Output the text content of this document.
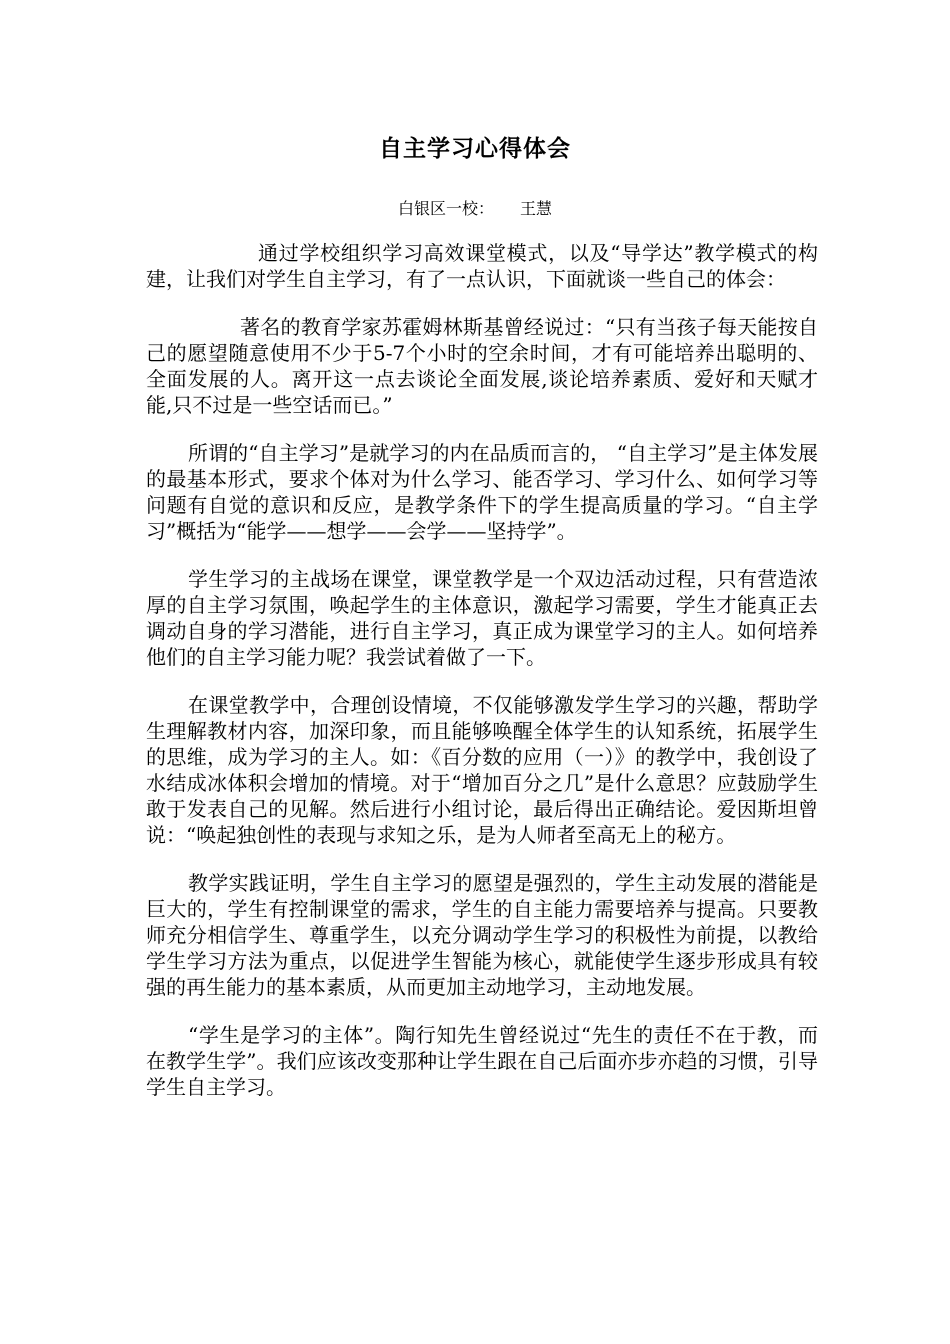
自主学习心得体会
白银区一校： 王慧

通过学校组织学习高效课堂模式，以及“导学达”教学模式的构建，让我们对学生自主学习，有了一点认识，下面就谈一些自己的体会：

著名的教育学家苏霍姆林斯基曾经说过：“只有当孩子每天能按自己的愿望随意使用不少于5-7个小时的空余时间，才有可能培养出聪明的、全面发展的人。离开这一点去谈论全面发展,谈论培养素质、爱好和天赋才能,只不过是一些空话而已。”

所谓的“自主学习”是就学习的内在品质而言的， “自主学习”是主体发展的最基本形式，要求个体对为什么学习、能否学习、学习什么、如何学习等问题有自觉的意识和反应，是教学条件下的学生提高质量的学习。“自主学习”概括为“能学——想学——会学——坚持学”。

学生学习的主战场在课堂，课堂教学是一个双边活动过程，只有营造浓厚的自主学习氛围，唤起学生的主体意识，激起学习需要，学生才能真正去调动自身的学习潜能，进行自主学习，真正成为课堂学习的主人。如何培养他们的自主学习能力呢？我尝试着做了一下。

在课堂教学中，合理创设情境，不仅能够激发学生学习的兴趣，帮助学生理解教材内容，加深印象，而且能够唤醒全体学生的认知系统，拓展学生的思维，成为学习的主人。如：《百分数的应用（一）》的教学中，我创设了水结成冰体积会增加的情境。对于“增加百分之几”是什么意思？应鼓励学生敢于发表自己的见解。然后进行小组讨论，最后得出正确结论。爱因斯坦曾说：“唤起独创性的表现与求知之乐，是为人师者至高无上的秘方。

教学实践证明，学生自主学习的愿望是强烈的，学生主动发展的潜能是巨大的，学生有控制课堂的需求，学生的自主能力需要培养与提高。只要教师充分相信学生、尊重学生，以充分调动学生学习的积极性为前提，以教给学生学习方法为重点，以促进学生智能为核心，就能使学生逐步形成具有较强的再生能力的基本素质，从而更加主动地学习，主动地发展。

“学生是学习的主体”。陶行知先生曾经说过“先生的责任不在于教，而在教学生学”。我们应该改变那种让学生跟在自己后面亦步亦趋的习惯，引导学生自主学习。
